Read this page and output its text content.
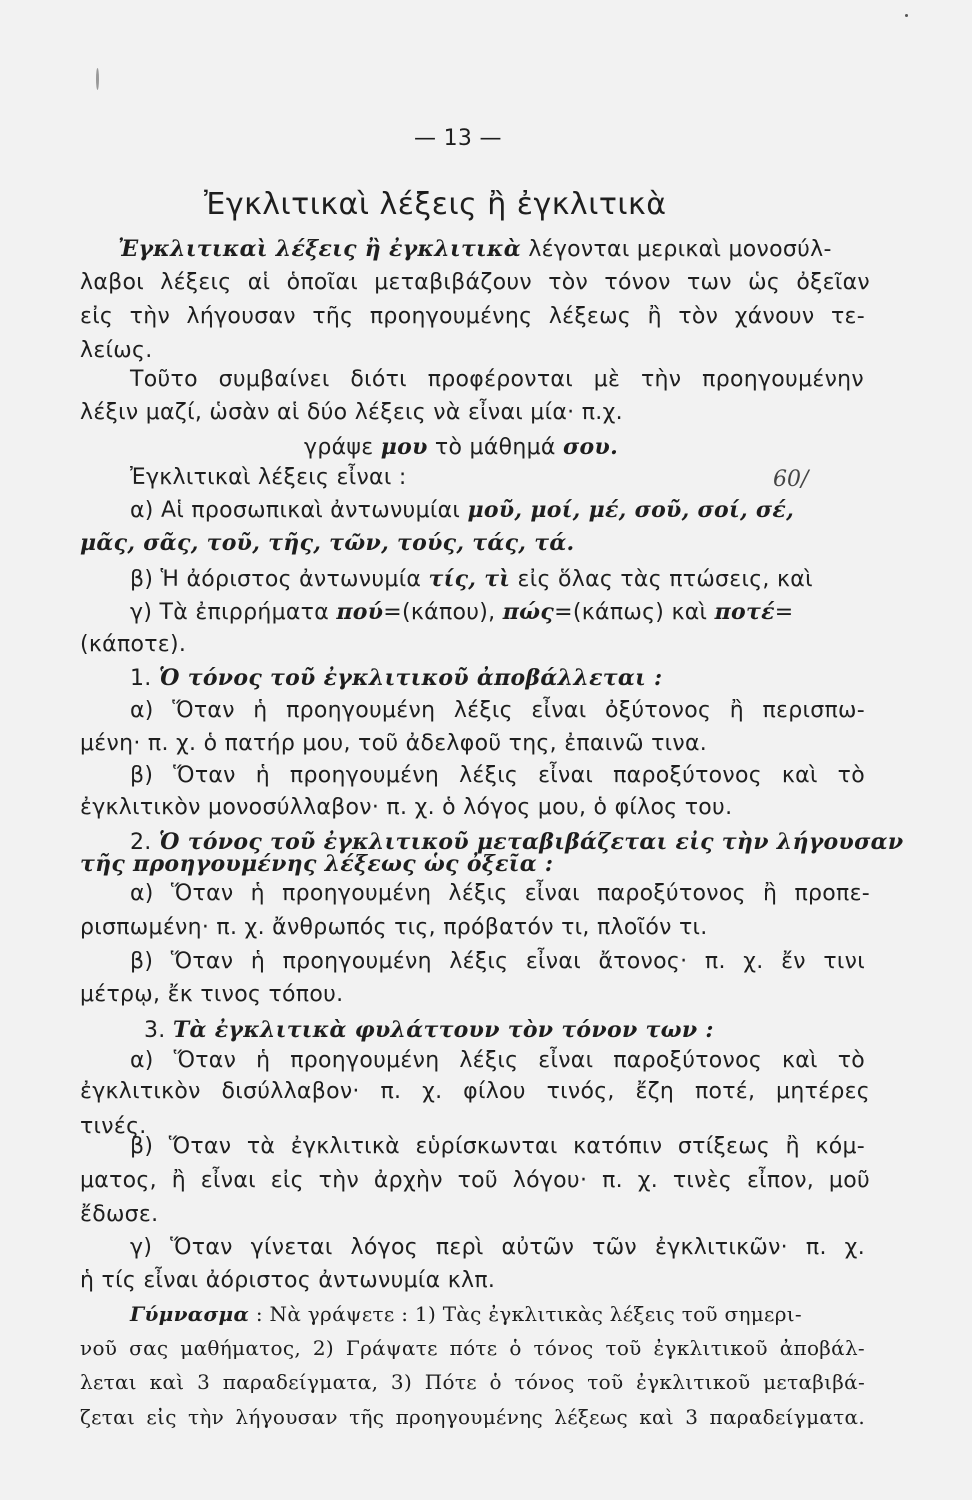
— 13 —
Ἐγκλιτικαὶ λέξεις ἢ ἐγκλιτικὰ
Ἐγκλιτικαὶ λέξεις ἢ ἐγκλιτικὰ λέγονται μερικαὶ μονοσύλ-
λαβοι λέξεις αἱ ὁποῖαι μεταβιβάζουν τὸν τόνον των ὡς ὀξεῖαν
εἰς τὴν λήγουσαν τῆς προηγουμένης λέξεως ἢ τὸν χάνουν τε-
λείως.
Τοῦτο συμβαίνει διότι προφέρονται μὲ τὴν προηγουμένην
λέξιν μαζί, ὡσὰν αἱ δύο λέξεις νὰ εἶναι μία· π.χ.
γράψε μου τὸ μάθημά σου.
Ἐγκλιτικαὶ λέξεις εἶναι :	60/
α) Αἱ προσωπικαὶ ἀντωνυμίαι μοῦ, μοί, μέ, σοῦ, σοί, σέ,
μᾶς, σᾶς, τοῦ, τῆς, τῶν, τούς, τάς, τά.
β) Ἡ ἀόριστος ἀντωνυμία τίς, τὶ εἰς ὅλας τὰς πτώσεις, καὶ
γ) Τὰ ἐπιρρήματα πού=(κάπου), πώς=(κάπως) καὶ ποτέ=
(κάποτε).
1. Ὁ τόνος τοῦ ἐγκλιτικοῦ ἀποβάλλεται :
α) Ὅταν ἡ προηγουμένη λέξις εἶναι ὀξύτονος ἢ περισπω-
μένη· π. χ. ὁ πατήρ μου, τοῦ ἀδελφοῦ της, ἐπαινῶ τινα.
β) Ὅταν ἡ προηγουμένη λέξις εἶναι παροξύτονος καὶ τὸ
ἐγκλιτικὸν μονοσύλλαβον· π. χ. ὁ λόγος μου, ὁ φίλος του.
2. Ὁ τόνος τοῦ ἐγκλιτικοῦ μεταβιβάζεται εἰς τὴν λήγουσαν
τῆς προηγουμένης λέξεως ὡς ὀξεῖα :
α) Ὅταν ἡ προηγουμένη λέξις εἶναι παροξύτονος ἢ προπε-
ρισπωμένη· π. χ. ἄνθρωπός τις, πρόβατόν τι, πλοῖόν τι.
β) Ὅταν ἡ προηγουμένη λέξις εἶναι ἄτονος· π. χ. ἔν τινι
μέτρῳ, ἔκ τινος τόπου.
3. Τὰ ἐγκλιτικὰ φυλάττουν τὸν τόνον των :
α) Ὅταν ἡ προηγουμένη λέξις εἶναι παροξύτονος καὶ τὸ
ἐγκλιτικὸν δισύλλαβον· π. χ. φίλου τινός, ἔζη ποτέ, μητέρες
τινές.
β) Ὅταν τὰ ἐγκλιτικὰ εὑρίσκωνται κατόπιν στίξεως ἢ κόμ-
ματος, ἢ εἶναι εἰς τὴν ἀρχὴν τοῦ λόγου· π. χ. τινὲς εἶπον, μοῦ
ἔδωσε.
γ) Ὅταν γίνεται λόγος περὶ αὐτῶν τῶν ἐγκλιτικῶν· π. χ.
ἡ τίς εἶναι ἀόριστος ἀντωνυμία κλπ.
Γύμνασμα : Νὰ γράψετε : 1) Τὰς ἐγκλιτικὰς λέξεις τοῦ σημερι-
νοῦ σας μαθήματος, 2) Γράψατε πότε ὁ τόνος τοῦ ἐγκλιτικοῦ ἀποβάλ-
λεται καὶ 3 παραδείγματα, 3) Πότε ὁ τόνος τοῦ ἐγκλιτικοῦ μεταβιβά-
ζεται εἰς τὴν λήγουσαν τῆς προηγουμένης λέξεως καὶ 3 παραδείγματα.
